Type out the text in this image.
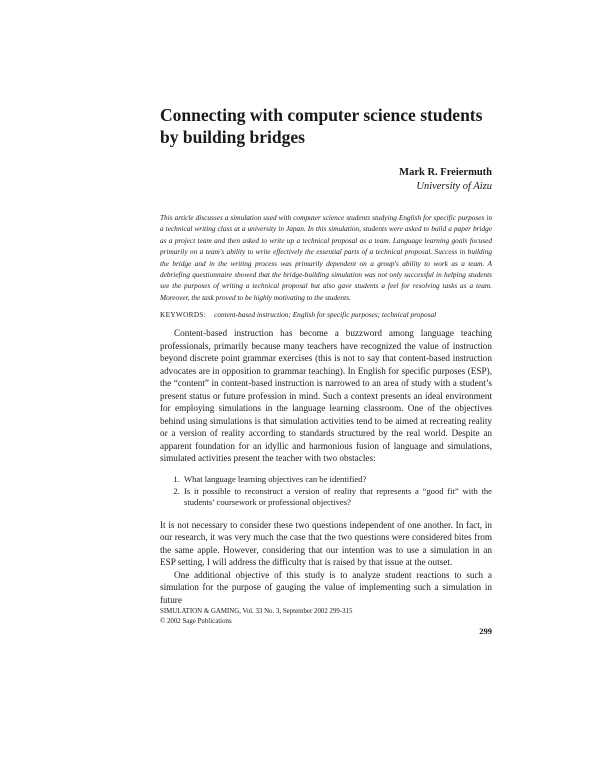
Connecting with computer science students by building bridges
Mark R. Freiermuth
University of Aizu

This article discusses a simulation used with computer science students studying English for specific purposes in a technical writing class at a university in Japan. In this simulation, students were asked to build a paper bridge as a project team and then asked to write up a technical proposal as a team. Language learning goals focused primarily on a team's ability to write effectively the essential parts of a technical proposal. Success in building the bridge and in the writing process was primarily dependent on a group's ability to work as a team. A debriefing questionnaire showed that the bridge-building simulation was not only successful in helping students see the purposes of writing a technical proposal but also gave students a feel for resolving tasks as a team. Moreover, the task proved to be highly motivating to the students.

KEYWORDS: content-based instruction; English for specific purposes; technical proposal

Content-based instruction has become a buzzword among language teaching professionals, primarily because many teachers have recognized the value of instruction beyond discrete point grammar exercises (this is not to say that content-based instruction advocates are in opposition to grammar teaching). In English for specific purposes (ESP), the “content” in content-based instruction is narrowed to an area of study with a student’s present status or future profession in mind. Such a context presents an ideal environment for employing simulations in the language learning classroom. One of the objectives behind using simulations is that simulation activities tend to be aimed at recreating reality or a version of reality according to standards structured by the real world. Despite an apparent foundation for an idyllic and harmonious fusion of language and simulations, simulated activities present the teacher with two obstacles:

1. What language learning objectives can be identified?
2. Is it possible to reconstruct a version of reality that represents a “good fit” with the students’ coursework or professional objectives?

It is not necessary to consider these two questions independent of one another. In fact, in our research, it was very much the case that the two questions were considered bites from the same apple. However, considering that our intention was to use a simulation in an ESP setting, I will address the difficulty that is raised by that issue at the outset.

One additional objective of this study is to analyze student reactions to such a simulation for the purpose of gauging the value of implementing such a simulation in future

SIMULATION & GAMING, Vol. 33 No. 3, September 2002 299-315
© 2002 Sage Publications
299
